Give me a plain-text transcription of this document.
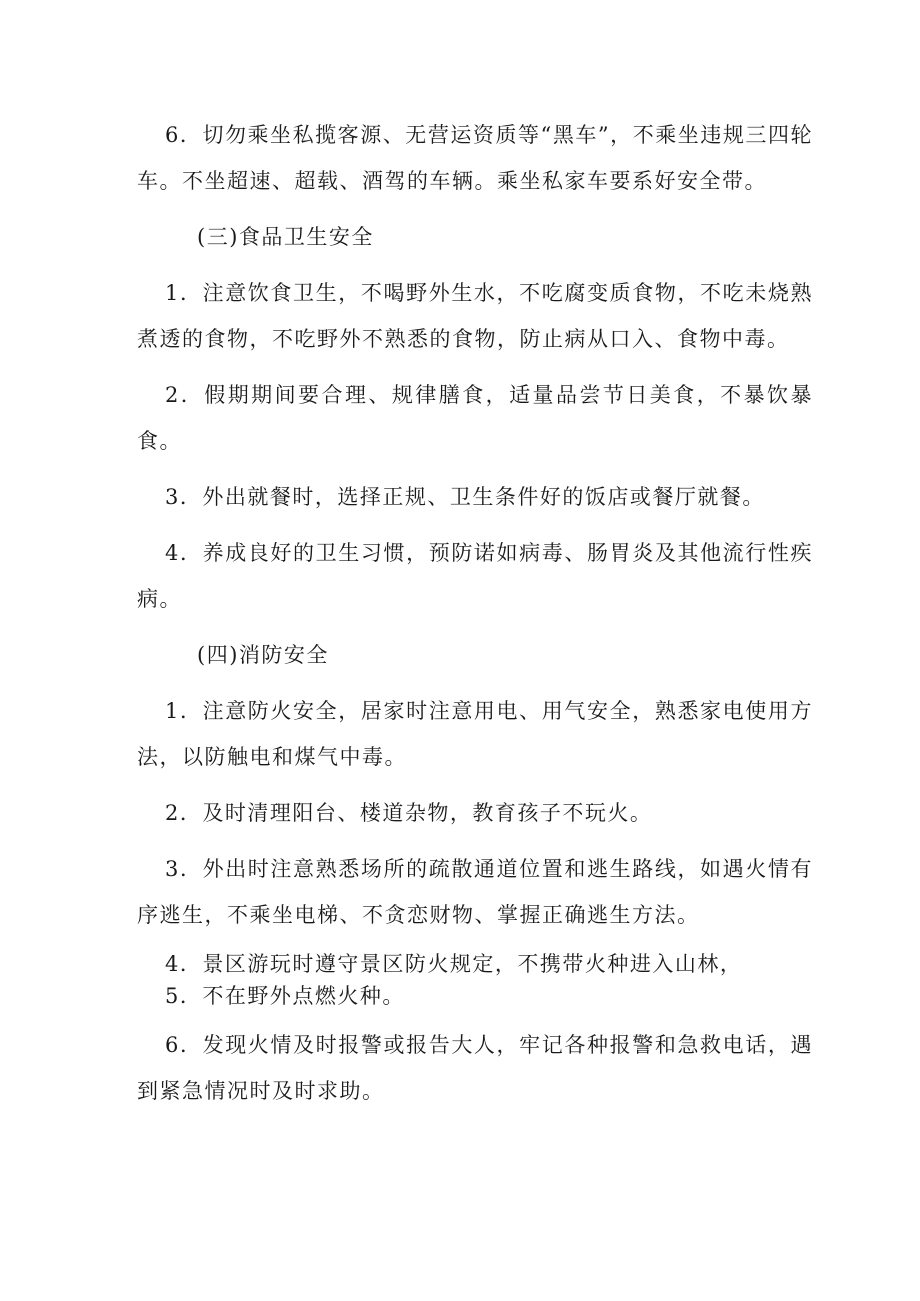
6．切勿乘坐私揽客源、无营运资质等“黑车”，不乘坐违规三四轮车。不坐超速、超载、酒驾的车辆。乘坐私家车要系好安全带。

(三)食品卫生安全

1．注意饮食卫生，不喝野外生水，不吃腐变质食物，不吃未烧熟煮透的食物，不吃野外不熟悉的食物，防止病从口入、食物中毒。

2．假期期间要合理、规律膳食，适量品尝节日美食，不暴饮暴食。

3．外出就餐时，选择正规、卫生条件好的饭店或餐厅就餐。

4．养成良好的卫生习惯，预防诺如病毒、肠胃炎及其他流行性疾病。

(四)消防安全

1．注意防火安全，居家时注意用电、用气安全，熟悉家电使用方法，以防触电和煤气中毒。

2．及时清理阳台、楼道杂物，教育孩子不玩火。

3．外出时注意熟悉场所的疏散通道位置和逃生路线，如遇火情有序逃生，不乘坐电梯、不贪恋财物、掌握正确逃生方法。

4．景区游玩时遵守景区防火规定，不携带火种进入山林，

5．不在野外点燃火种。

6．发现火情及时报警或报告大人，牢记各种报警和急救电话，遇到紧急情况时及时求助。
